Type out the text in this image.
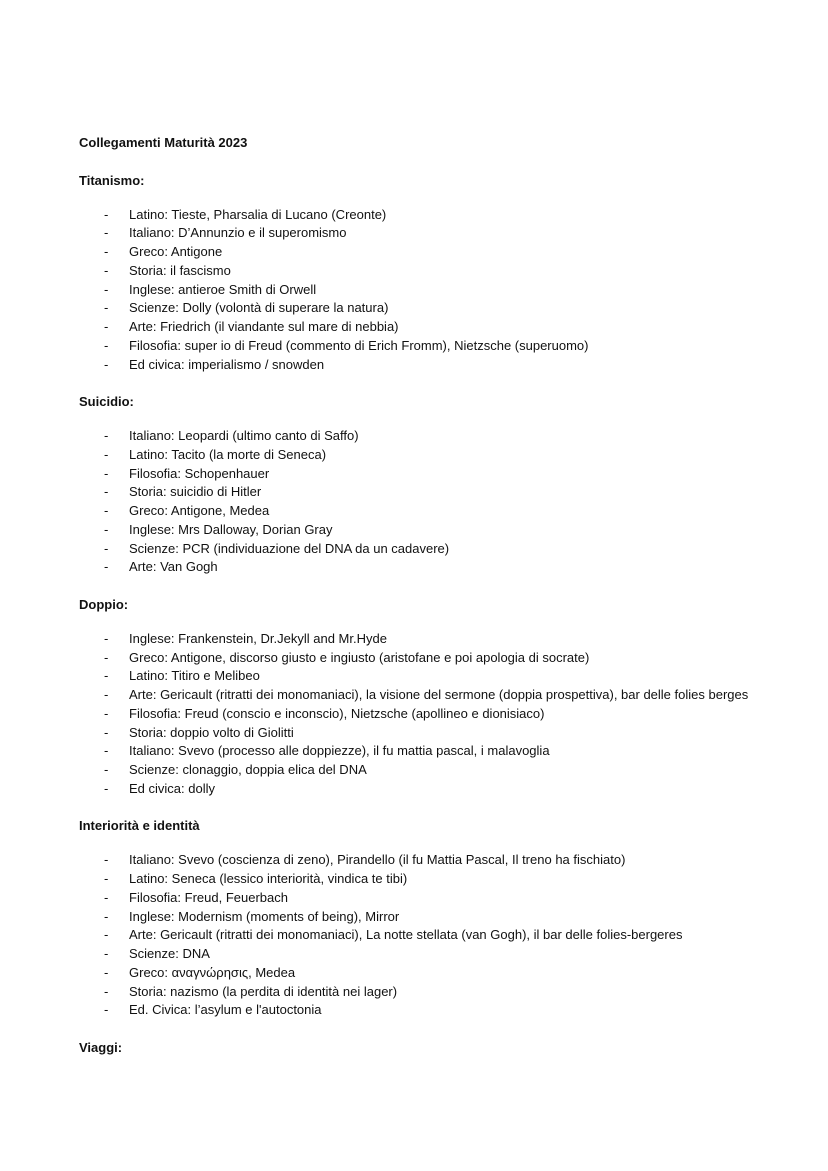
Collegamenti Maturità 2023
Titanismo:
- Latino: Tieste, Pharsalia di Lucano (Creonte)
- Italiano: D’Annunzio e il superomismo
- Greco: Antigone
- Storia: il fascismo
- Inglese: antieroe Smith di Orwell
- Scienze: Dolly (volontà di superare la natura)
- Arte: Friedrich (il viandante sul mare di nebbia)
- Filosofia: super io di Freud (commento di Erich Fromm), Nietzsche (superuomo)
- Ed civica: imperialismo / snowden
Suicidio:
- Italiano: Leopardi (ultimo canto di Saffo)
- Latino: Tacito (la morte di Seneca)
- Filosofia: Schopenhauer
- Storia: suicidio di Hitler
- Greco: Antigone, Medea
- Inglese: Mrs Dalloway, Dorian Gray
- Scienze: PCR (individuazione del DNA da un cadavere)
- Arte: Van Gogh
Doppio:
- Inglese: Frankenstein, Dr.Jekyll and Mr.Hyde
- Greco: Antigone, discorso giusto e ingiusto (aristofane e poi apologia di socrate)
- Latino: Titiro e Melibeo
- Arte: Gericault (ritratti dei monomaniaci), la visione del sermone (doppia prospettiva), bar delle folies berges
- Filosofia: Freud (conscio e inconscio), Nietzsche (apollineo e dionisiaco)
- Storia: doppio volto di Giolitti
- Italiano: Svevo (processo alle doppiezze), il fu mattia pascal, i malavoglia
- Scienze: clonaggio, doppia elica del DNA
- Ed civica: dolly
Interiorità e identità
- Italiano: Svevo (coscienza di zeno), Pirandello (il fu Mattia Pascal, Il treno ha fischiato)
- Latino: Seneca (lessico interiorità, vindica te tibi)
- Filosofia: Freud, Feuerbach
- Inglese: Modernism (moments of being), Mirror
- Arte: Gericault (ritratti dei monomaniaci), La notte stellata (van Gogh), il bar delle folies-bergeres
- Scienze: DNA
- Greco: αναγνώρησις, Medea
- Storia: nazismo (la perdita di identità nei lager)
- Ed. Civica: l’asylum e l'autoctonia
Viaggi:
